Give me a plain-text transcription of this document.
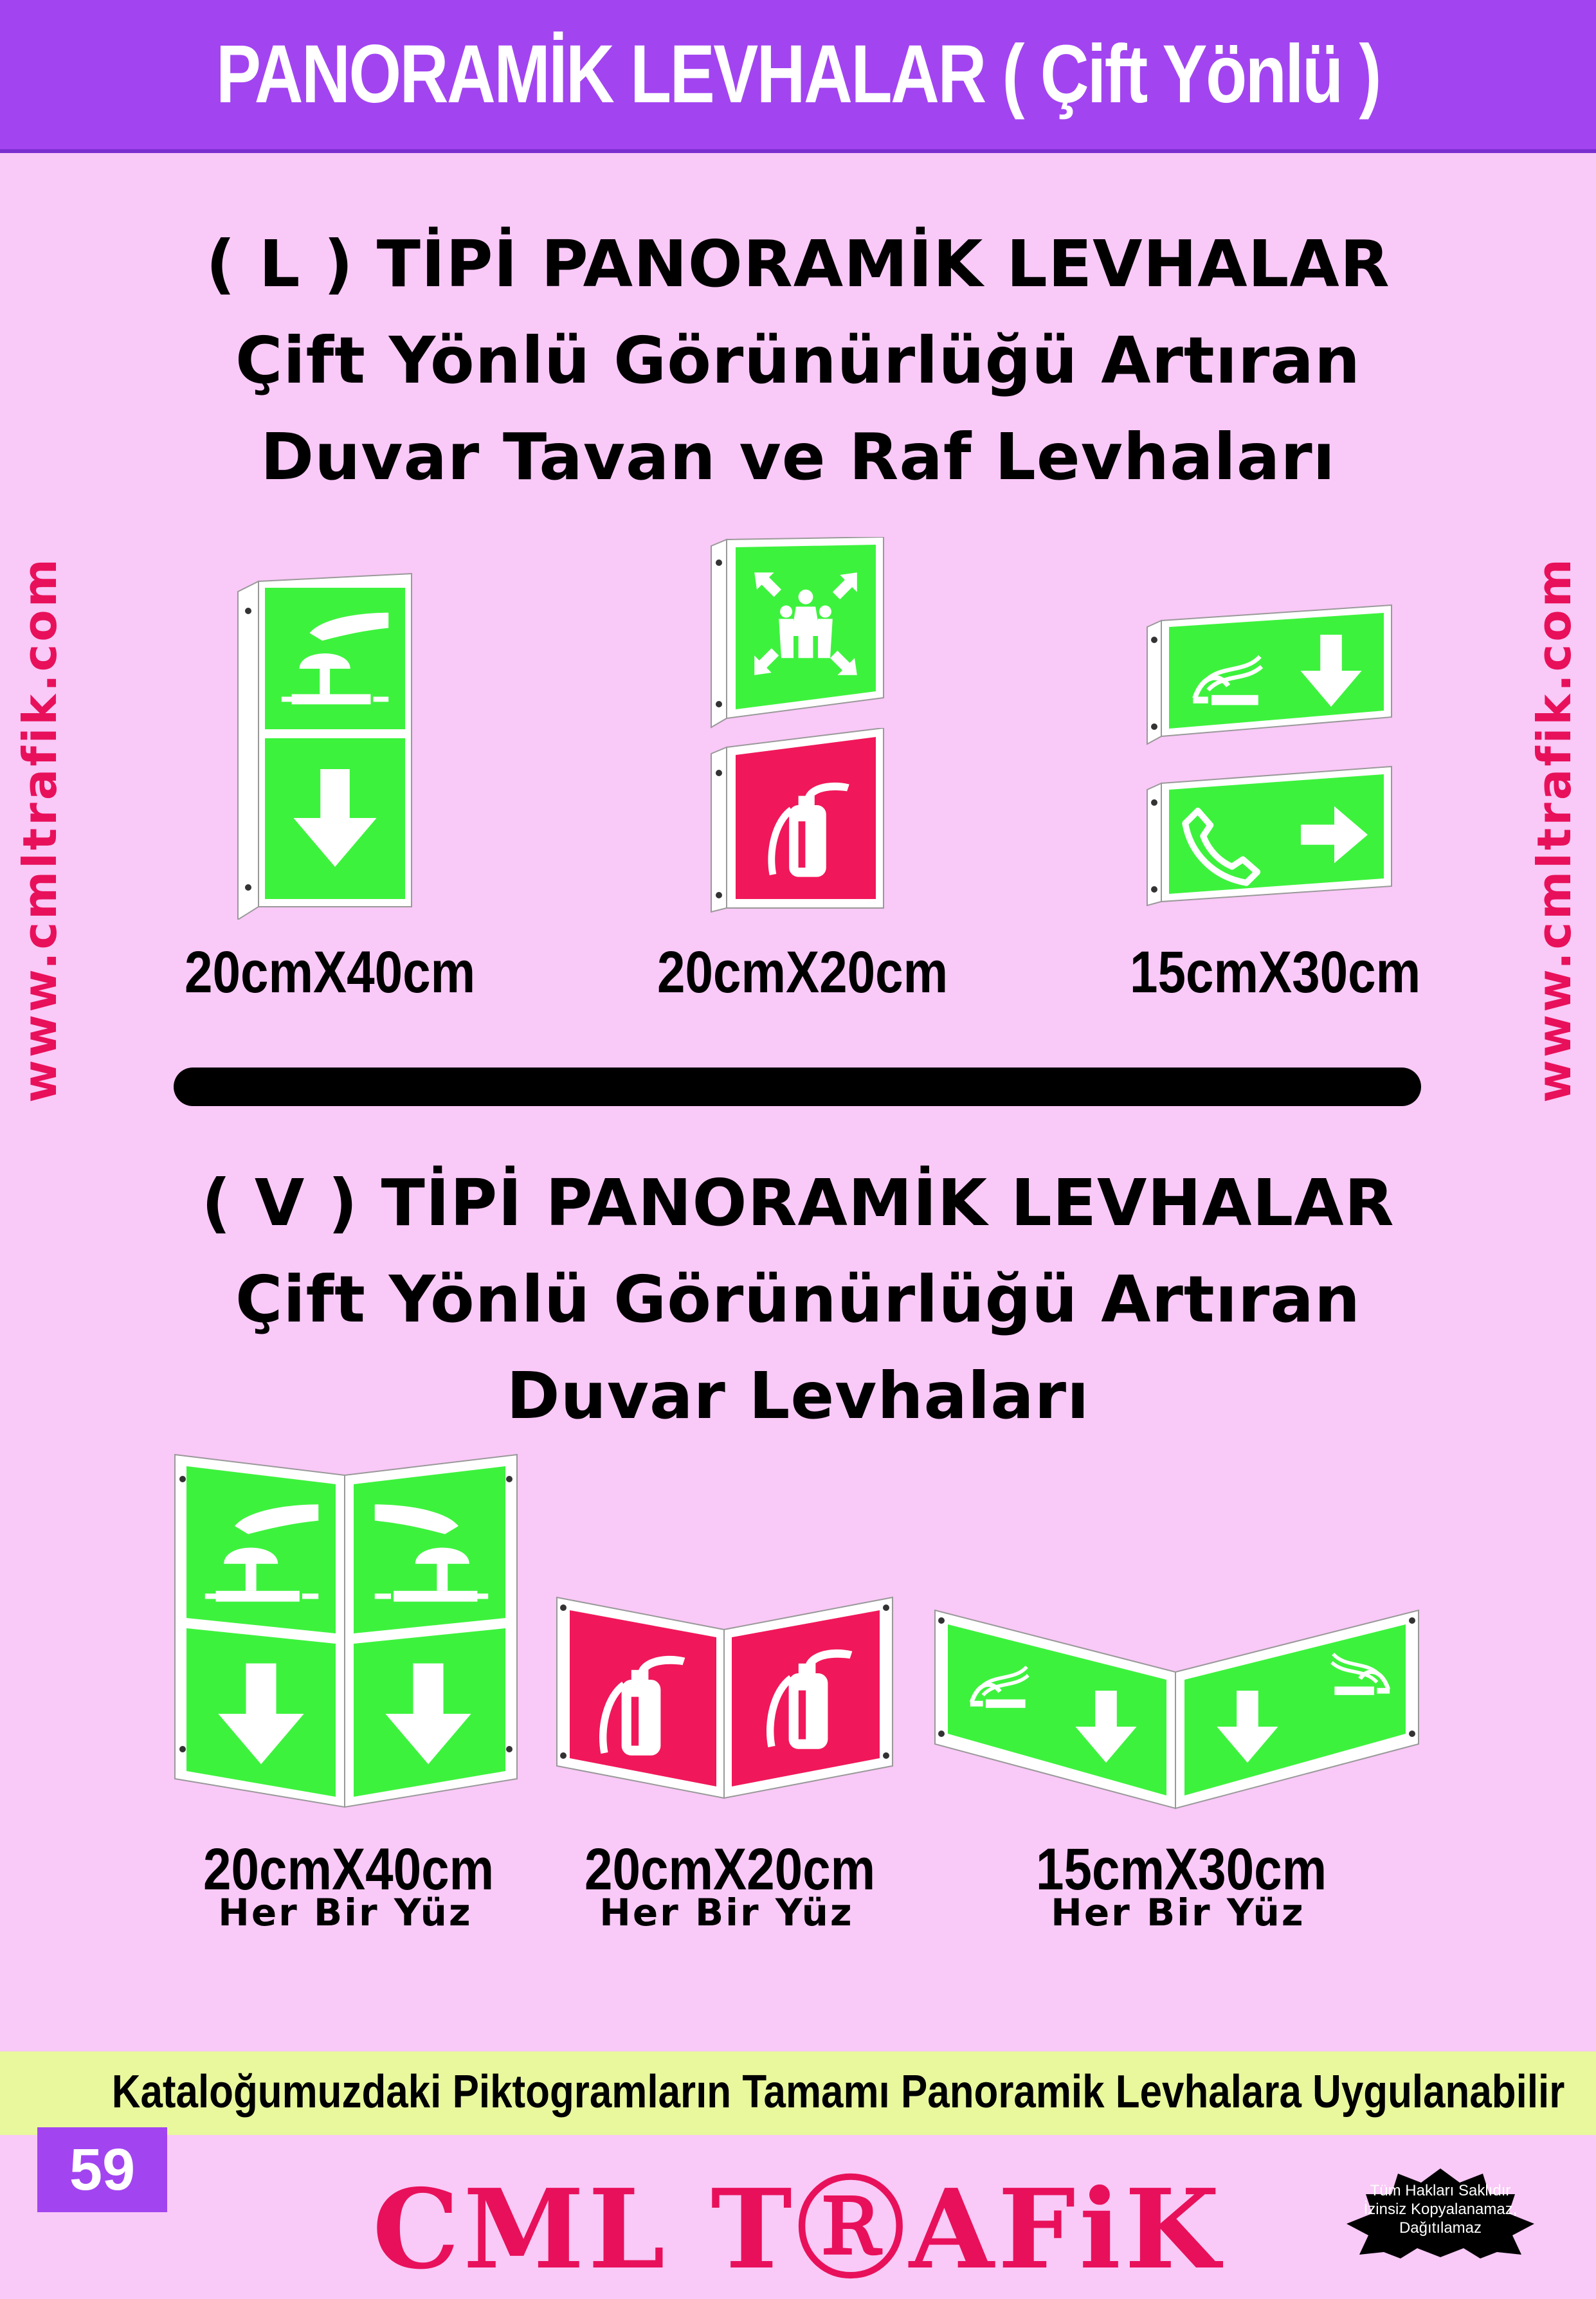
PANORAMİK LEVHALAR ( Çift Yönlü )
( L ) TİPİ PANORAMİK LEVHALAR
Çift Yönlü Görünürlüğü Artıran
Duvar Tavan ve Raf Levhaları
www.cmltrafik.com	www.cmltrafik.com
20cmX40cm	20cmX20cm	15cmX30cm
( V ) TİPİ PANORAMİK LEVHALAR
Çift Yönlü Görünürlüğü Artıran
Duvar Levhaları
20cmX40cm 20cmX20cm	15cmX30cm
Her Bir Yüz	Her Bir Yüz	Her Bir Yüz
Kataloğumuzdaki Piktogramların Tamamı Panoramik Levhalara Uygulanabilir
59	CML TⓇAFiK	Tüm Hakları Saklıdır
İzinsiz Kopyalanamaz,
Dağıtılamaz
